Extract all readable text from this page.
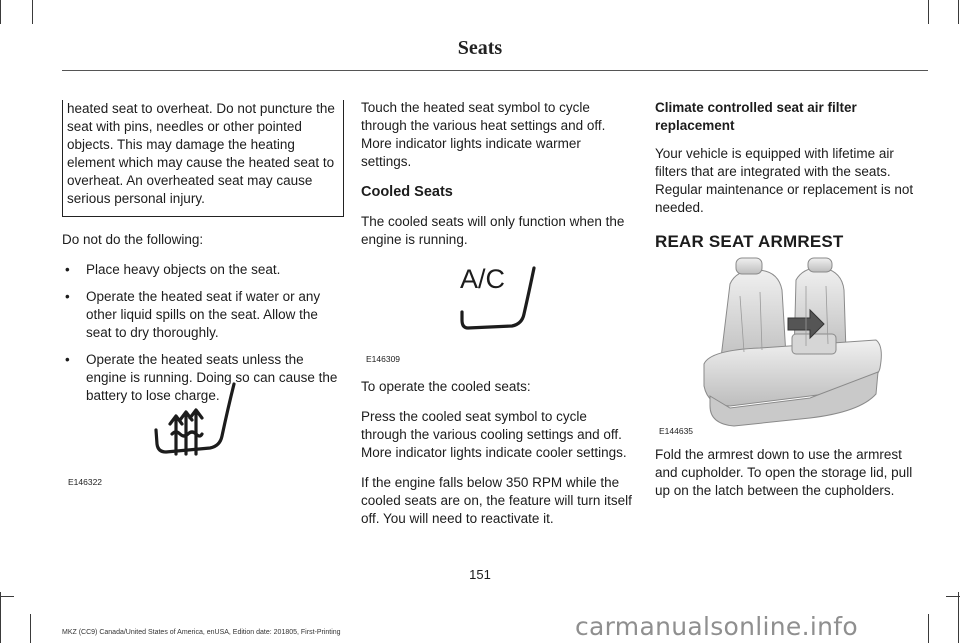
Seats

heated seat to overheat. Do not puncture the seat with pins, needles or other pointed objects. This may damage the heating element which may cause the heated seat to overheat. An overheated seat may cause serious personal injury.

Do not do the following:

• Place heavy objects on the seat.
• Operate the heated seat if water or any other liquid spills on the seat. Allow the seat to dry thoroughly.
• Operate the heated seats unless the engine is running. Doing so can cause the battery to lose charge.
E146322

Touch the heated seat symbol to cycle through the various heat settings and off. More indicator lights indicate warmer settings.

Cooled Seats

The cooled seats will only function when the engine is running.

A/C
E146309

To operate the cooled seats:

Press the cooled seat symbol to cycle through the various cooling settings and off. More indicator lights indicate cooler settings.

If the engine falls below 350 RPM while the cooled seats are on, the feature will turn itself off. You will need to reactivate it.

Climate controlled seat air filter replacement

Your vehicle is equipped with lifetime air filters that are integrated with the seats. Regular maintenance or replacement is not needed.

REAR SEAT ARMREST
E144635

Fold the armrest down to use the armrest and cupholder. To open the storage lid, pull up on the latch between the cupholders.

151
MKZ (CC9) Canada/United States of America, enUSA, Edition date: 201805, First-Printing	carmanualsonline.info
